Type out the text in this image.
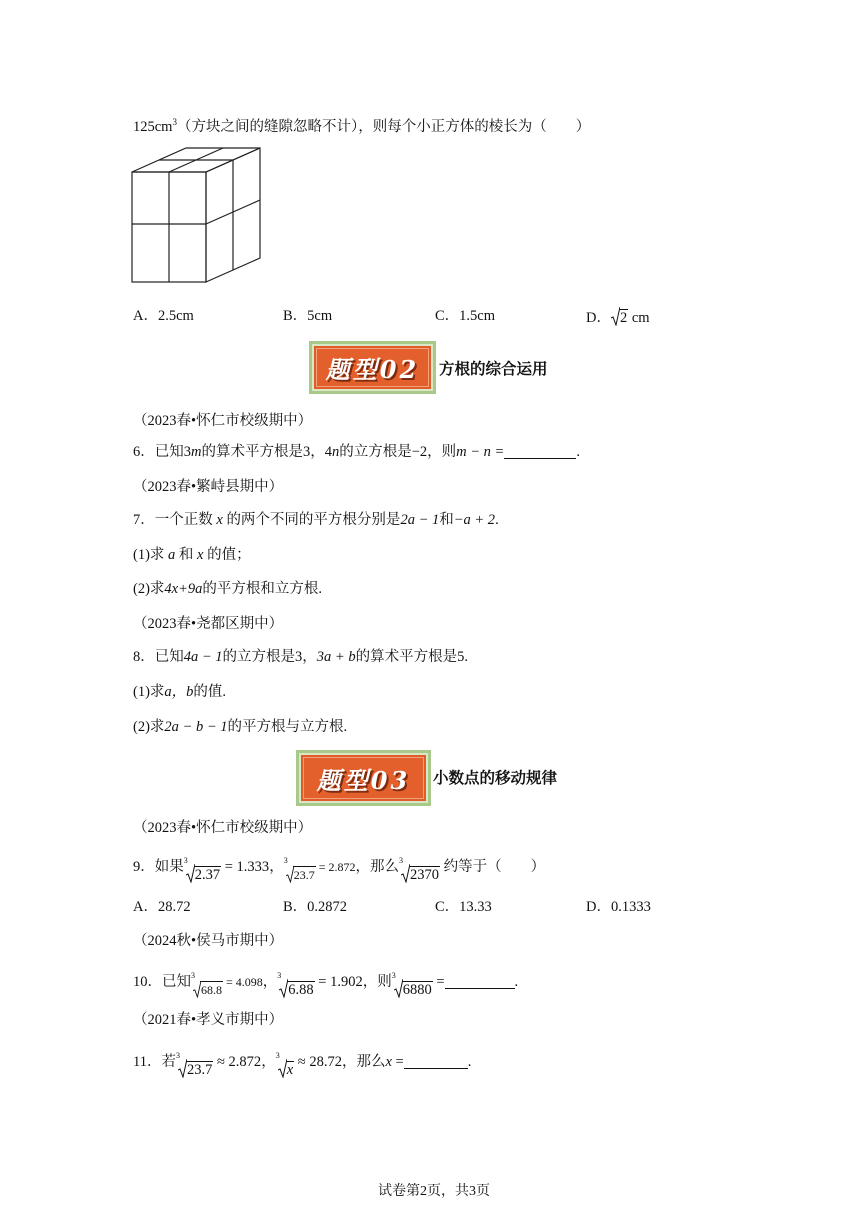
$125cm^3$（方块之间的缝隙忽略不计），则每个小正方体的棱长为（　　）
A．2.5cm	B．5cm	C．1.5cm	D． 2 cm
题型02 方根的综合运用
（2023春•怀仁市校级期中）
6．已知3m的算术平方根是3，4n的立方根是−2，则m − n =	.
（2023春•繁峙县期中）
7．一个正数 x 的两个不同的平方根分别是2a − 1和−a + 2.
(1)求 a 和 x 的值；
(2)求4x+9a的平方根和立方根.
（2023春•尧都区期中）
8．已知4a − 1的立方根是3，3a + b的算术平方根是5.
(1)求a，b的值.
(2)求2a − b − 1的平方根与立方根.
题型03 小数点的移动规律
（2023春•怀仁市校级期中）
9．如果 3
2.37 = 1.333， 3
23.7
= 2.872，那么 3
2370 约等于（　　）
A．28.72	B．0.2872	C．13.33	D．0.1333
（2024秋•侯马市期中）
10．已知 3
68.8
= 4.098， 3
6.88 = 1.902，则 3
6880 =	.
（2021春•孝义市期中）
11．若 3
23.7 ≈ 2.872， 3
x ≈ 28.72，那么x =	.
试卷第2页，共3页
